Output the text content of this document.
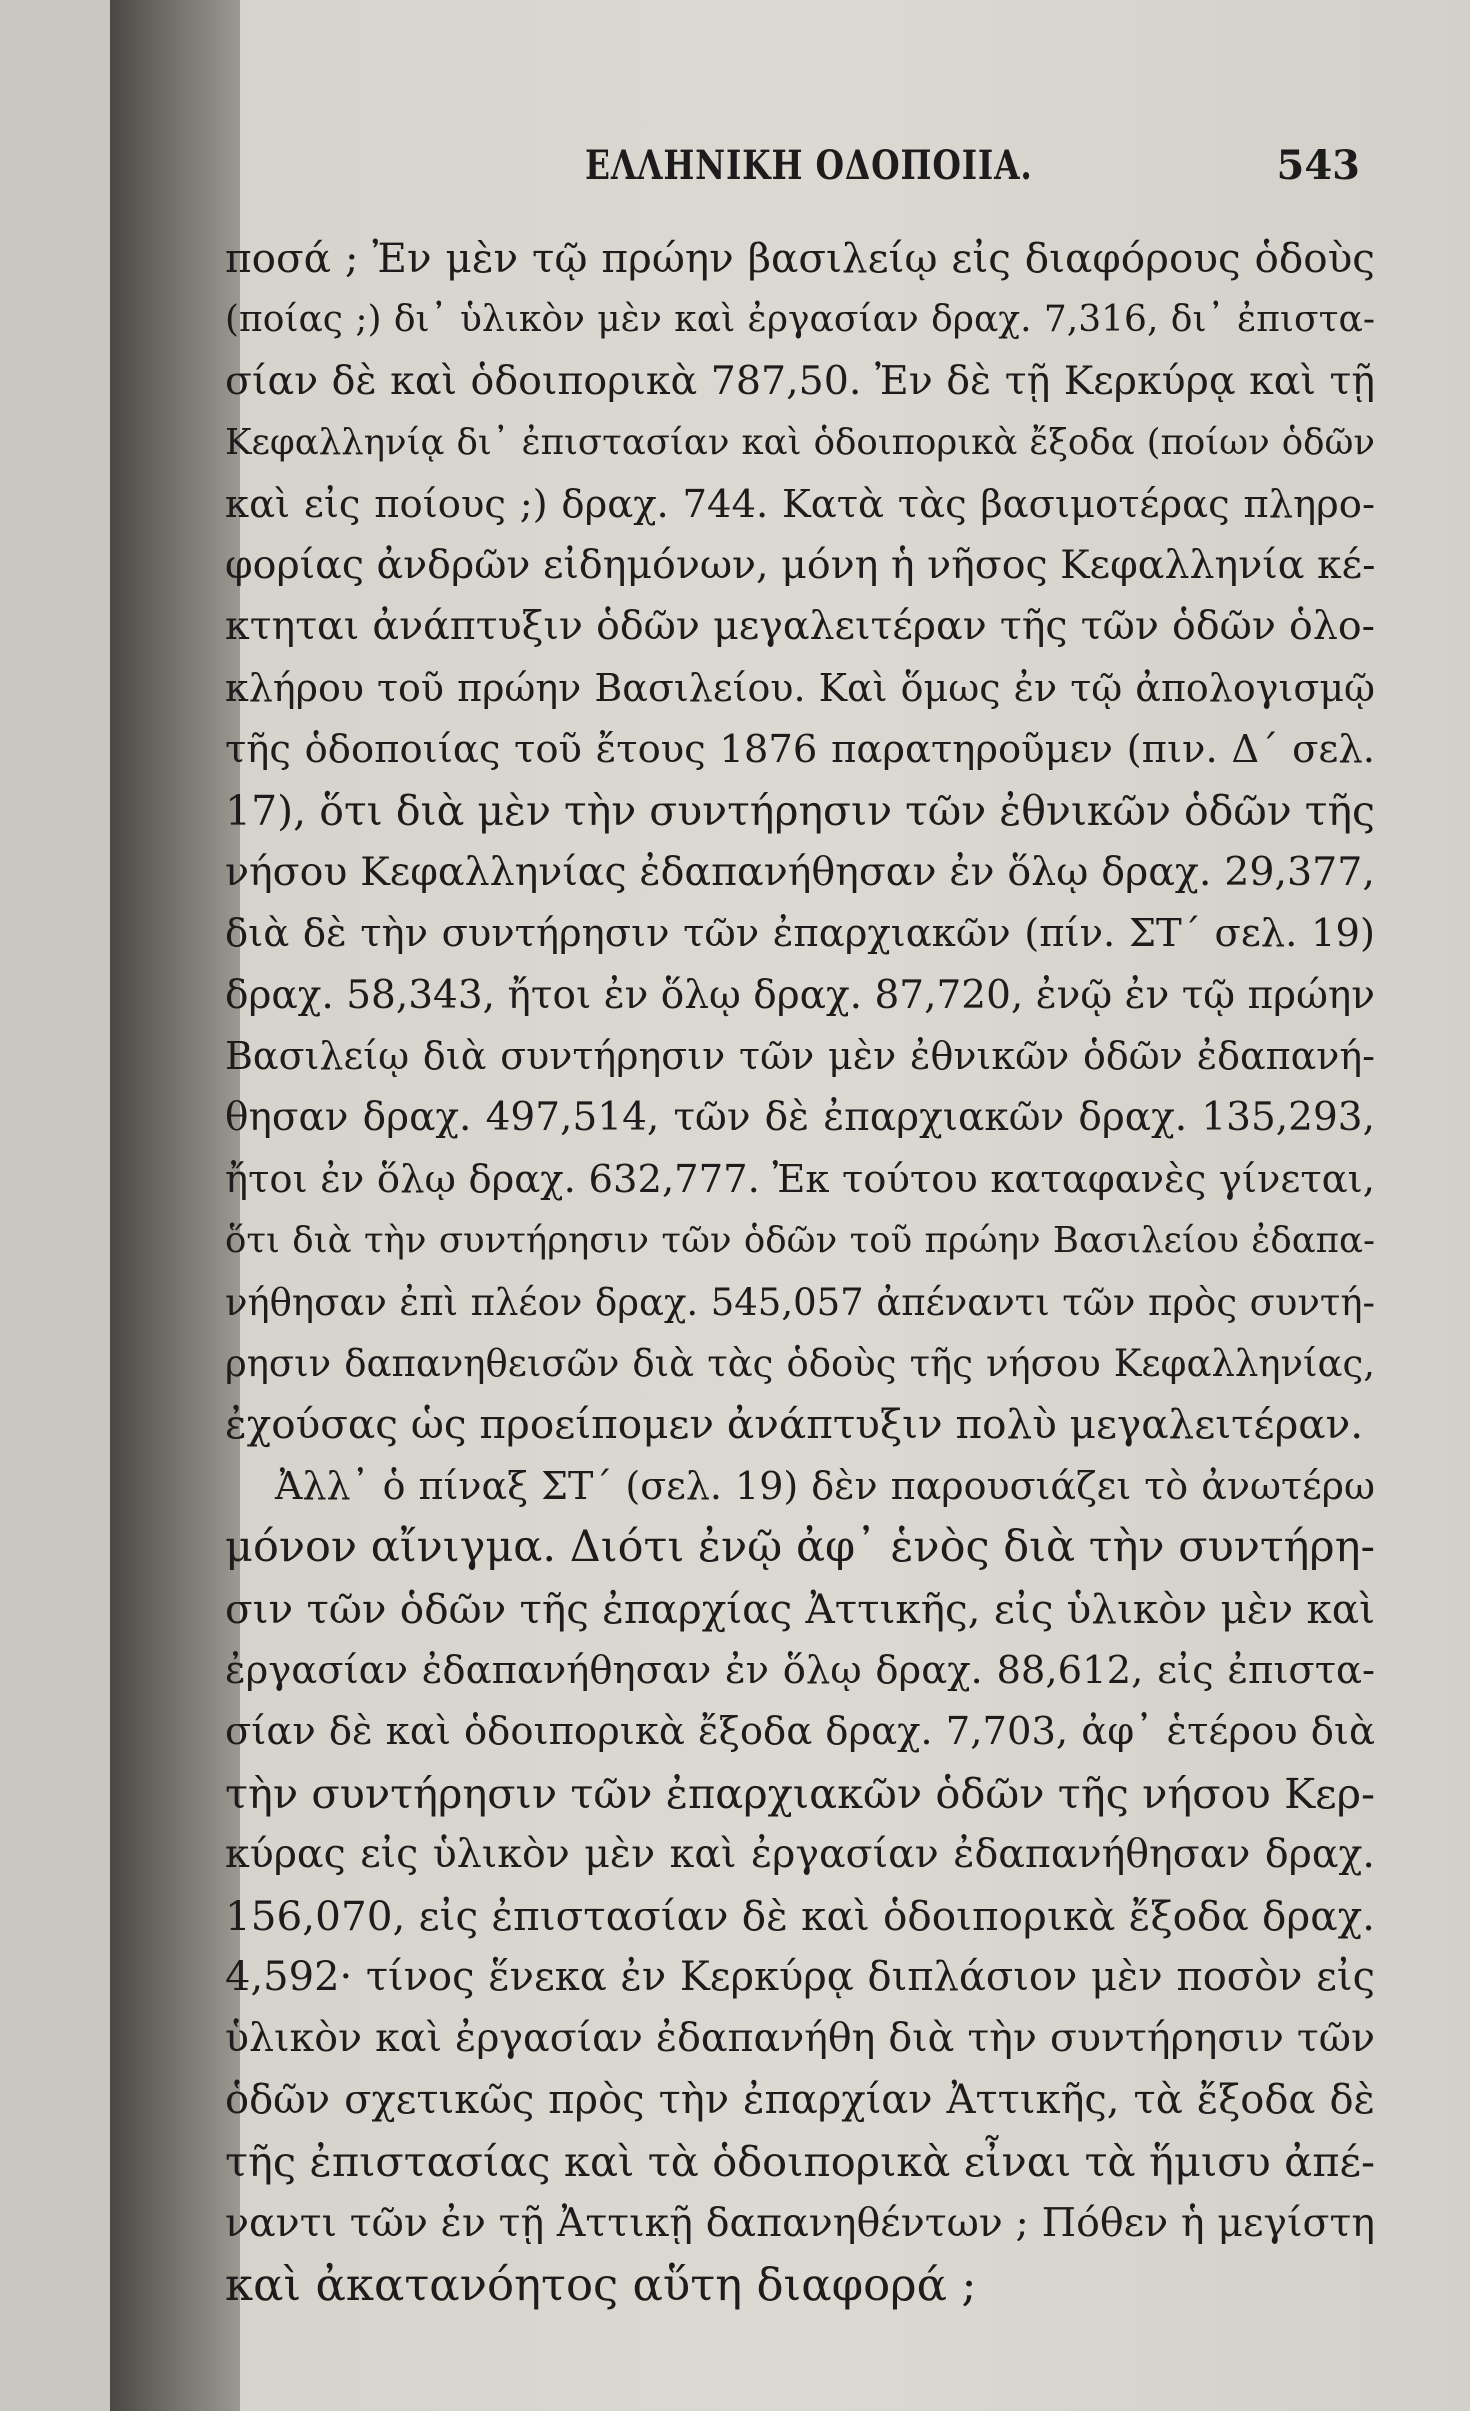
ΕΛΛΗΝΙΚΗ ΟΔΟΠΟΙΙΑ.	543
ποσά ; Ἐν μὲν τῷ πρώην βασιλείῳ εἰς διαφόρους ὁδοὺς
(ποίας ;) δι᾽ ὑλικὸν μὲν καὶ ἐργασίαν δραχ. 7,316, δι᾽ ἐπιστα-
σίαν δὲ καὶ ὁδοιπορικὰ 787,50. Ἐν δὲ τῇ Κερκύρᾳ καὶ τῇ
Κεφαλληνίᾳ δι᾽ ἐπιστασίαν καὶ ὁδοιπορικὰ ἔξοδα (ποίων ὁδῶν
καὶ εἰς ποίους ;) δραχ. 744. Κατὰ τὰς βασιμοτέρας πληρο-
φορίας ἀνδρῶν εἰδημόνων, μόνη ἡ νῆσος Κεφαλληνία κέ-
κτηται ἀνάπτυξιν ὁδῶν μεγαλειτέραν τῆς τῶν ὁδῶν ὁλο-
κλήρου τοῦ πρώην Βασιλείου. Καὶ ὅμως ἐν τῷ ἀπολογισμῷ
τῆς ὁδοποιίας τοῦ ἔτους 1876 παρατηροῦμεν (πιν. Δ΄ σελ.
17), ὅτι διὰ μὲν τὴν συντήρησιν τῶν ἐθνικῶν ὁδῶν τῆς
νήσου Κεφαλληνίας ἐδαπανήθησαν ἐν ὅλῳ δραχ. 29,377,
διὰ δὲ τὴν συντήρησιν τῶν ἐπαρχιακῶν (πίν. ΣΤ΄ σελ. 19)
δραχ. 58,343, ἤτοι ἐν ὅλῳ δραχ. 87,720, ἐνῷ ἐν τῷ πρώην
Βασιλείῳ διὰ συντήρησιν τῶν μὲν ἐθνικῶν ὁδῶν ἐδαπανή-
θησαν δραχ. 497,514, τῶν δὲ ἐπαρχιακῶν δραχ. 135,293,
ἤτοι ἐν ὅλῳ δραχ. 632,777. Ἐκ τούτου καταφανὲς γίνεται,
ὅτι διὰ τὴν συντήρησιν τῶν ὁδῶν τοῦ πρώην Βασιλείου ἐδαπα-
νήθησαν ἐπὶ πλέον δραχ. 545,057 ἀπέναντι τῶν πρὸς συντή-
ρησιν δαπανηθεισῶν διὰ τὰς ὁδοὺς τῆς νήσου Κεφαλληνίας,
ἐχούσας ὡς προείπομεν ἀνάπτυξιν πολὺ μεγαλειτέραν.
Ἀλλ᾽ ὁ πίναξ ΣΤ΄ (σελ. 19) δὲν παρουσιάζει τὸ ἀνωτέρω
μόνον αἴνιγμα. Διότι ἐνῷ ἀφ᾽ ἑνὸς διὰ τὴν συντήρη-
σιν τῶν ὁδῶν τῆς ἐπαρχίας Ἀττικῆς, εἰς ὑλικὸν μὲν καὶ
ἐργασίαν ἐδαπανήθησαν ἐν ὅλῳ δραχ. 88,612, εἰς ἐπιστα-
σίαν δὲ καὶ ὁδοιπορικὰ ἔξοδα δραχ. 7,703, ἀφ᾽ ἑτέρου διὰ
τὴν συντήρησιν τῶν ἐπαρχιακῶν ὁδῶν τῆς νήσου Κερ-
κύρας εἰς ὑλικὸν μὲν καὶ ἐργασίαν ἐδαπανήθησαν δραχ.
156,070, εἰς ἐπιστασίαν δὲ καὶ ὁδοιπορικὰ ἔξοδα δραχ.
4,592· τίνος ἕνεκα ἐν Κερκύρᾳ διπλάσιον μὲν ποσὸν εἰς
ὑλικὸν καὶ ἐργασίαν ἐδαπανήθη διὰ τὴν συντήρησιν τῶν
ὁδῶν σχετικῶς πρὸς τὴν ἐπαρχίαν Ἀττικῆς, τὰ ἔξοδα δὲ
τῆς ἐπιστασίας καὶ τὰ ὁδοιπορικὰ εἶναι τὰ ἥμισυ ἀπέ-
ναντι τῶν ἐν τῇ Ἀττικῇ δαπανηθέντων ; Πόθεν ἡ μεγίστη
καὶ ἀκατανόητος αὕτη διαφορά ;
